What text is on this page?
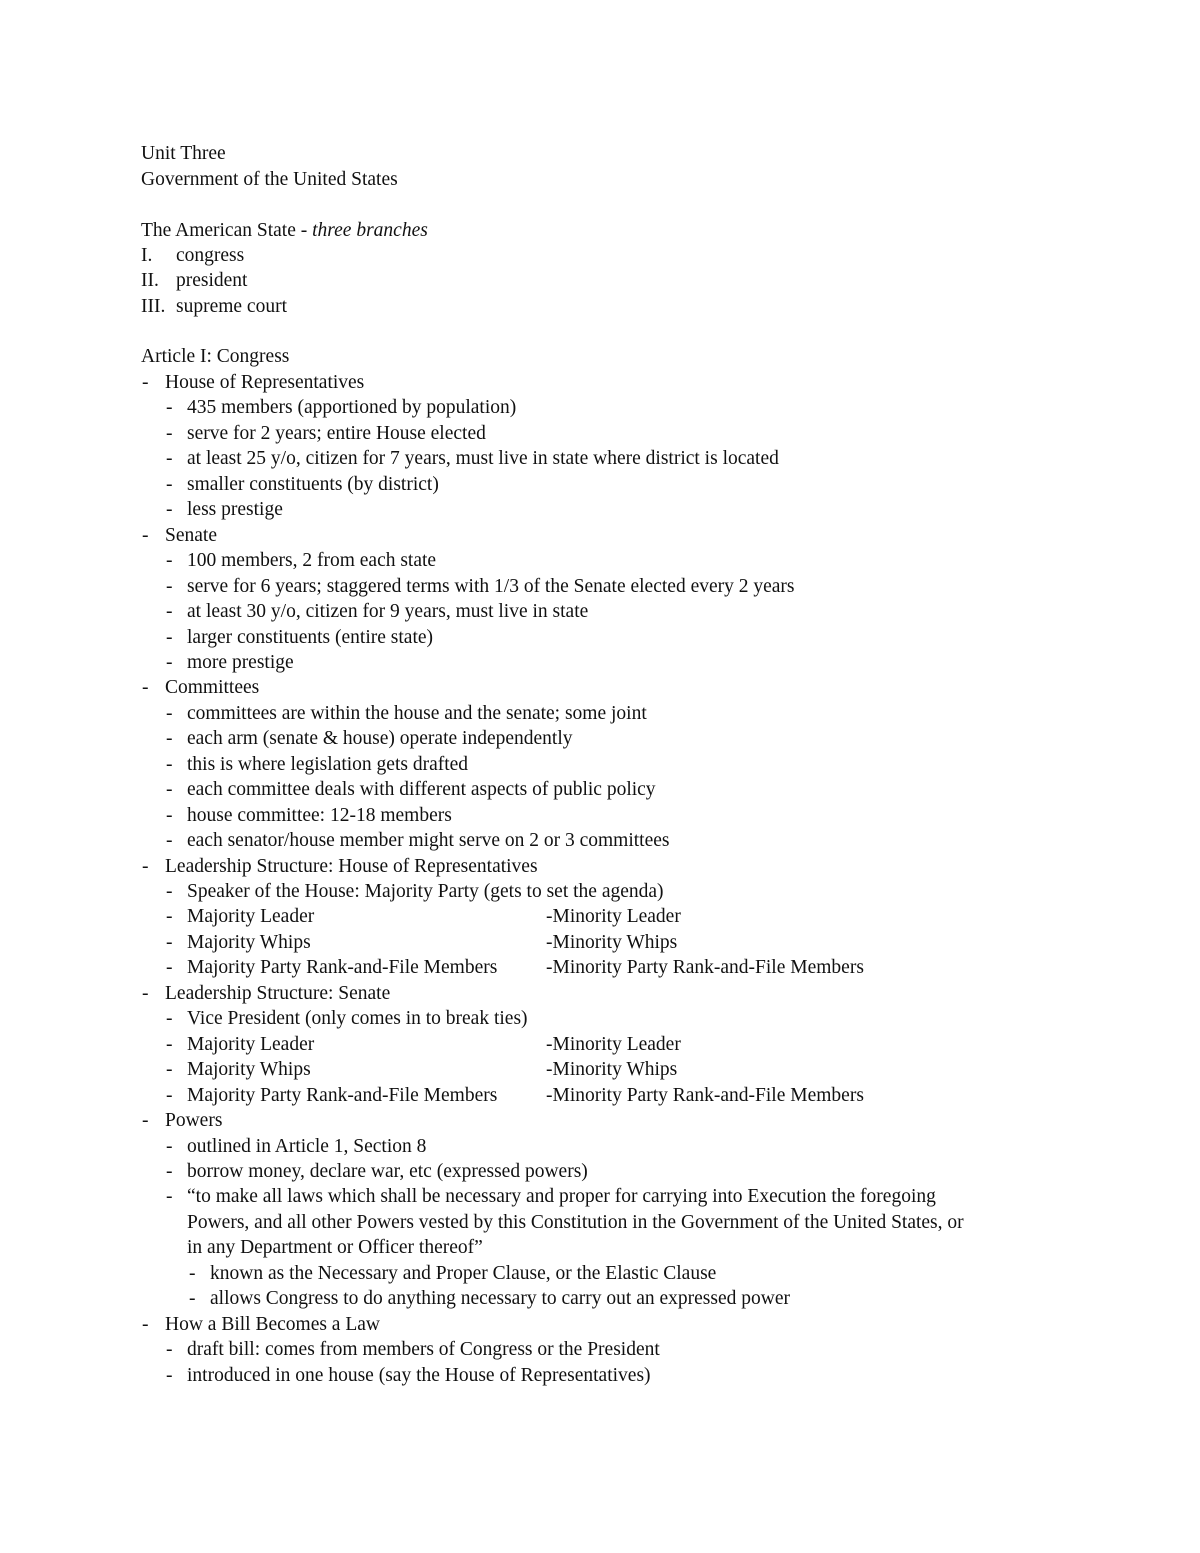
Unit Three
Government of the United States
The American State - three branches
I. congress
II. president
III. supreme court
Article I: Congress
- House of Representatives
- 435 members (apportioned by population)
- serve for 2 years; entire House elected
- at least 25 y/o, citizen for 7 years, must live in state where district is located
- smaller constituents (by district)
- less prestige
- Senate
- 100 members, 2 from each state
- serve for 6 years; staggered terms with 1/3 of the Senate elected every 2 years
- at least 30 y/o, citizen for 9 years, must live in state
- larger constituents (entire state)
- more prestige
- Committees
- committees are within the house and the senate; some joint
- each arm (senate & house) operate independently
- this is where legislation gets drafted
- each committee deals with different aspects of public policy
- house committee: 12-18 members
- each senator/house member might serve on 2 or 3 committees
- Leadership Structure: House of Representatives
- Speaker of the House: Majority Party (gets to set the agenda)
- Majority Leader	-Minority Leader
- Majority Whips	-Minority Whips
- Majority Party Rank-and-File Members -Minority Party Rank-and-File Members
- Leadership Structure: Senate
- Vice President (only comes in to break ties)
- Majority Leader	-Minority Leader
- Majority Whips	-Minority Whips
- Majority Party Rank-and-File Members -Minority Party Rank-and-File Members
- Powers
- outlined in Article 1, Section 8
- borrow money, declare war, etc (expressed powers)
- “to make all laws which shall be necessary and proper for carrying into Execution the foregoing
Powers, and all other Powers vested by this Constitution in the Government of the United States, or
in any Department or Officer thereof”
- known as the Necessary and Proper Clause, or the Elastic Clause
- allows Congress to do anything necessary to carry out an expressed power
- How a Bill Becomes a Law
- draft bill: comes from members of Congress or the President
- introduced in one house (say the House of Representatives)
